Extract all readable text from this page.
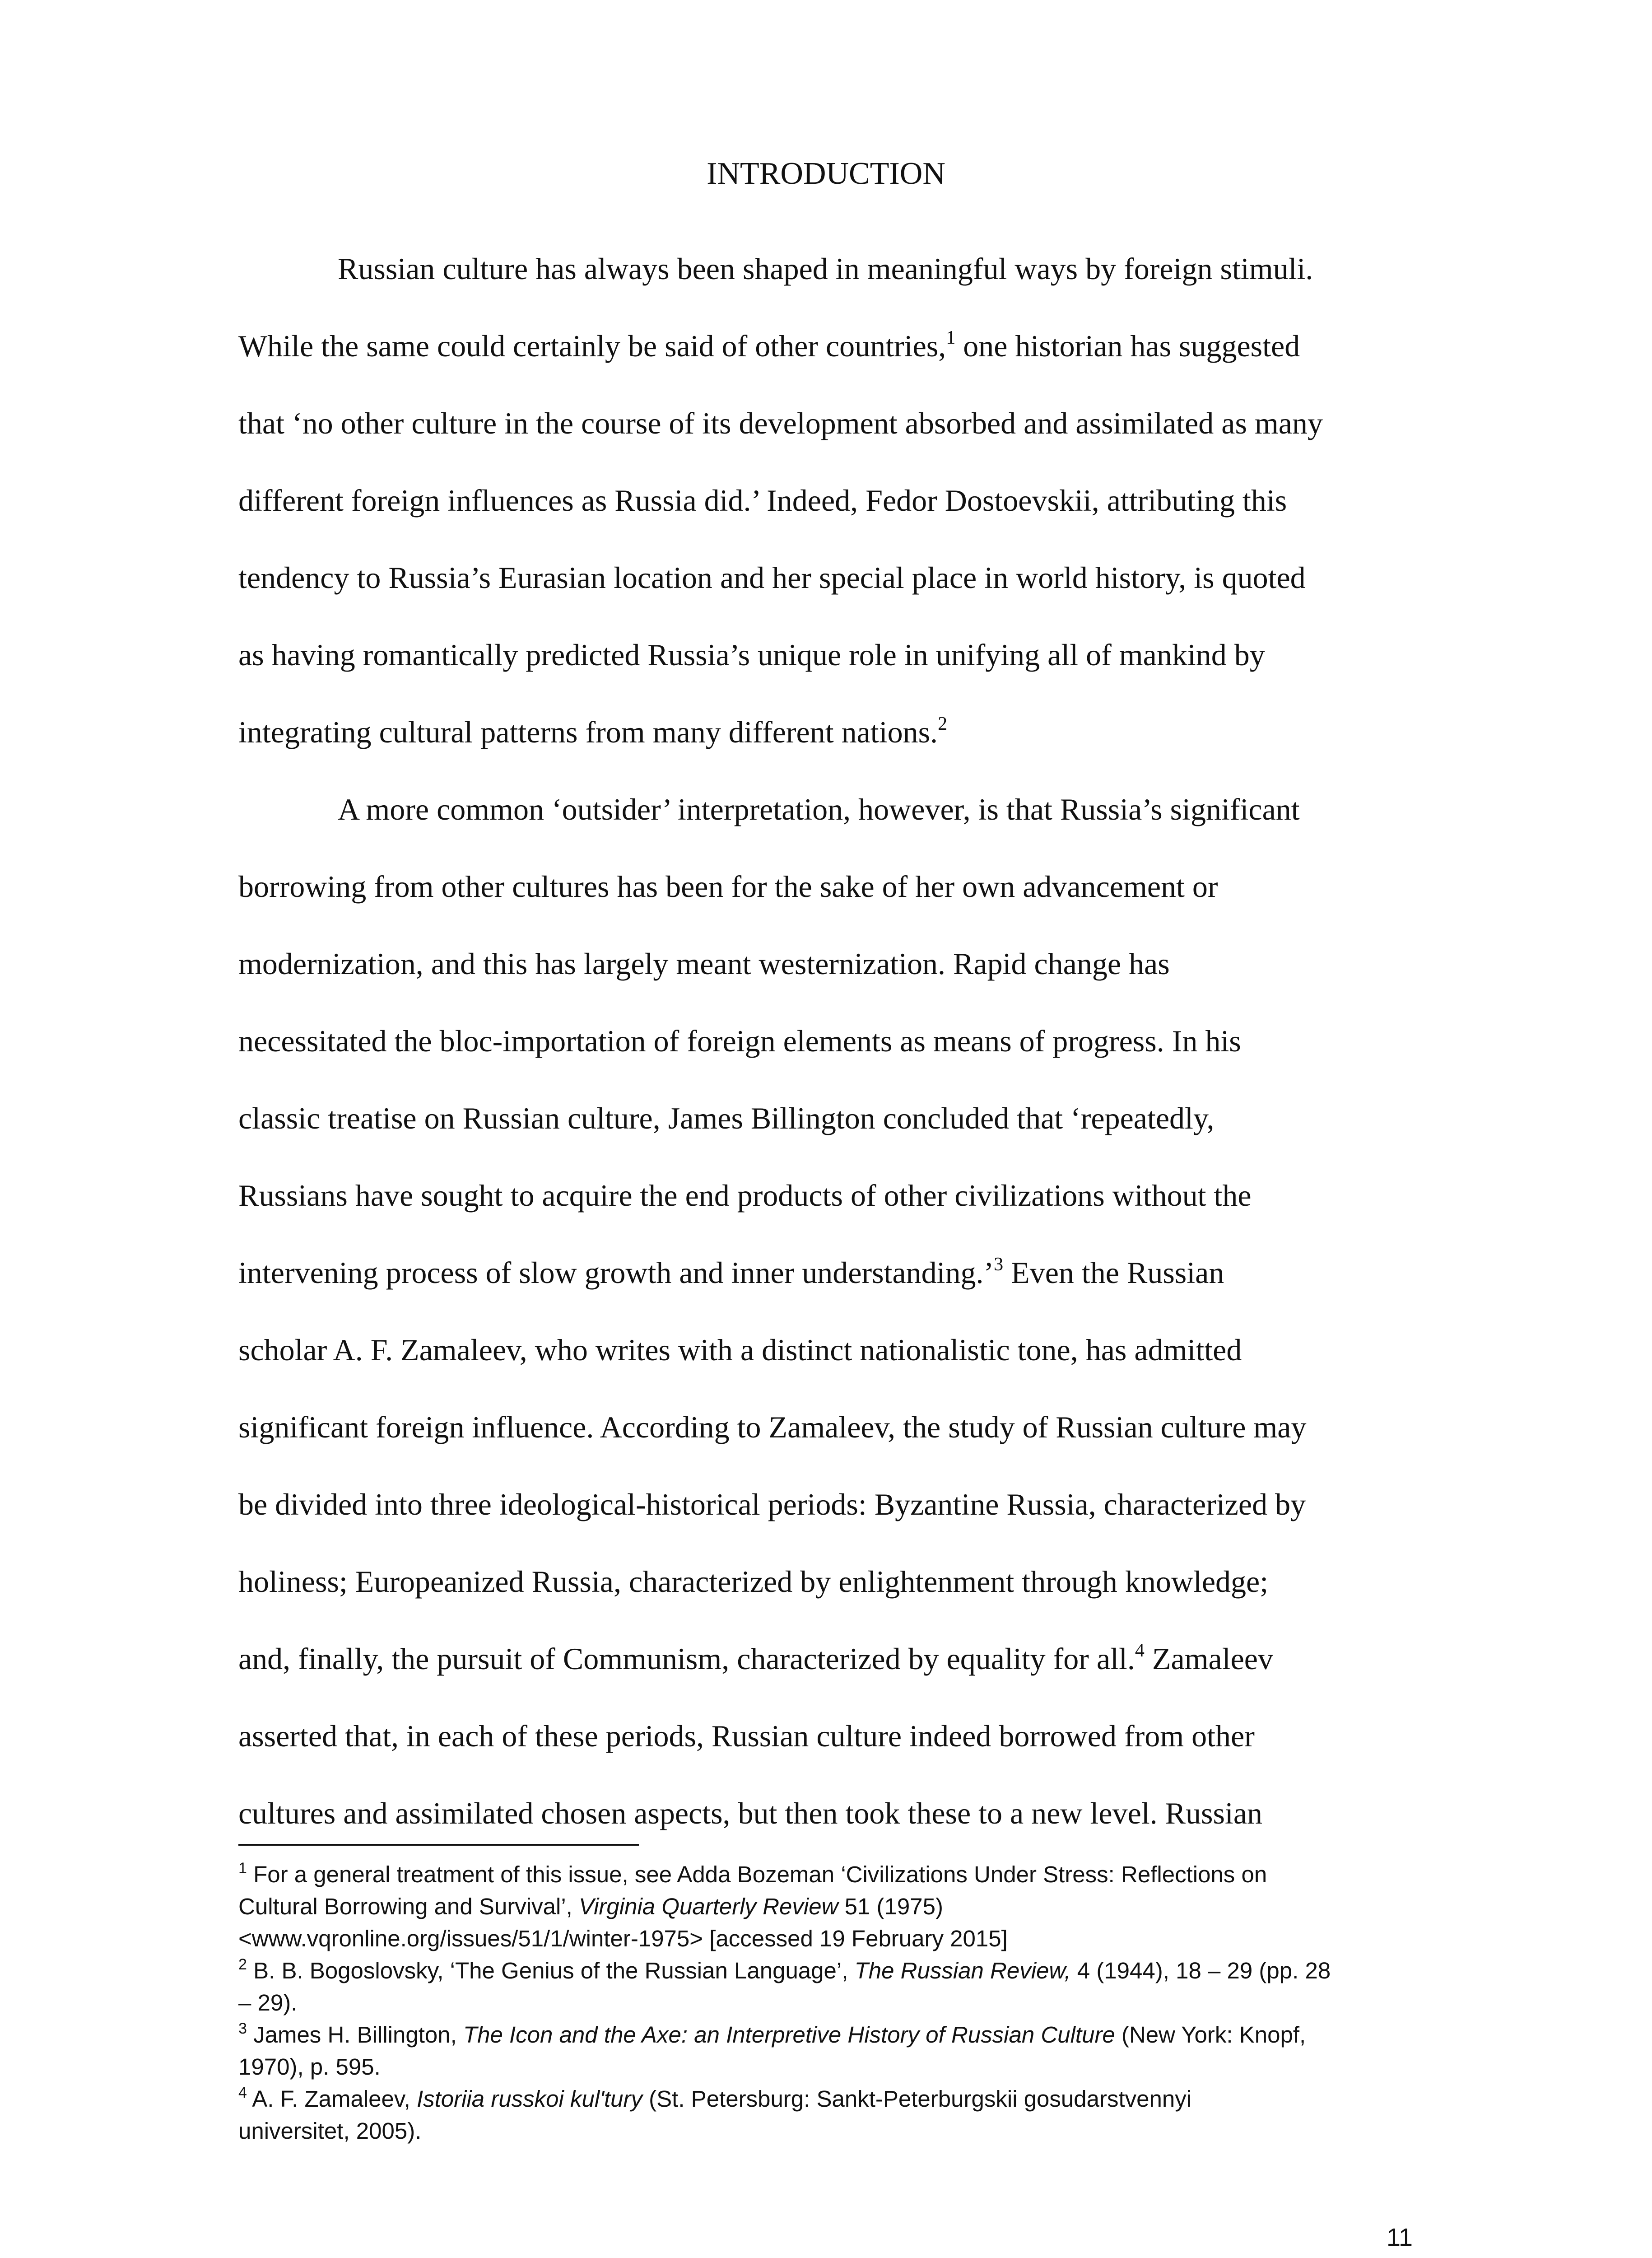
INTRODUCTION

Russian culture has always been shaped in meaningful ways by foreign stimuli.
While the same could certainly be said of other countries,$^1$ one historian has suggested
that ‘no other culture in the course of its development absorbed and assimilated as many
different foreign influences as Russia did.’ Indeed, Fedor Dostoevskii, attributing this
tendency to Russia’s Eurasian location and her special place in world history, is quoted
as having romantically predicted Russia’s unique role in unifying all of mankind by
integrating cultural patterns from many different nations.$^2$

A more common ‘outsider’ interpretation, however, is that Russia’s significant
borrowing from other cultures has been for the sake of her own advancement or
modernization, and this has largely meant westernization. Rapid change has
necessitated the bloc-importation of foreign elements as means of progress. In his
classic treatise on Russian culture, James Billington concluded that ‘repeatedly,
Russians have sought to acquire the end products of other civilizations without the
intervening process of slow growth and inner understanding.’$^3$ Even the Russian
scholar A. F. Zamaleev, who writes with a distinct nationalistic tone, has admitted
significant foreign influence. According to Zamaleev, the study of Russian culture may
be divided into three ideological-historical periods: Byzantine Russia, characterized by
holiness; Europeanized Russia, characterized by enlightenment through knowledge;
and, finally, the pursuit of Communism, characterized by equality for all.$^4$ Zamaleev
asserted that, in each of these periods, Russian culture indeed borrowed from other
cultures and assimilated chosen aspects, but then took these to a new level. Russian

$^1$ For a general treatment of this issue, see Adda Bozeman ‘Civilizations Under Stress: Reflections on
Cultural Borrowing and Survival’, Virginia Quarterly Review 51 (1975)
<www.vqronline.org/issues/51/1/winter-1975> [accessed 19 February 2015]

$^2$ B. B. Bogoslovsky, ‘The Genius of the Russian Language’, The Russian Review, 4 (1944), 18 – 29 (pp. 28
– 29).

$^3$ James H. Billington, The Icon and the Axe: an Interpretive History of Russian Culture (New York: Knopf,
1970), p. 595.

$^4$ A. F. Zamaleev, Istoriia russkoi kul'tury (St. Petersburg: Sankt-Peterburgskii gosudarstvennyi
universitet, 2005).

11
